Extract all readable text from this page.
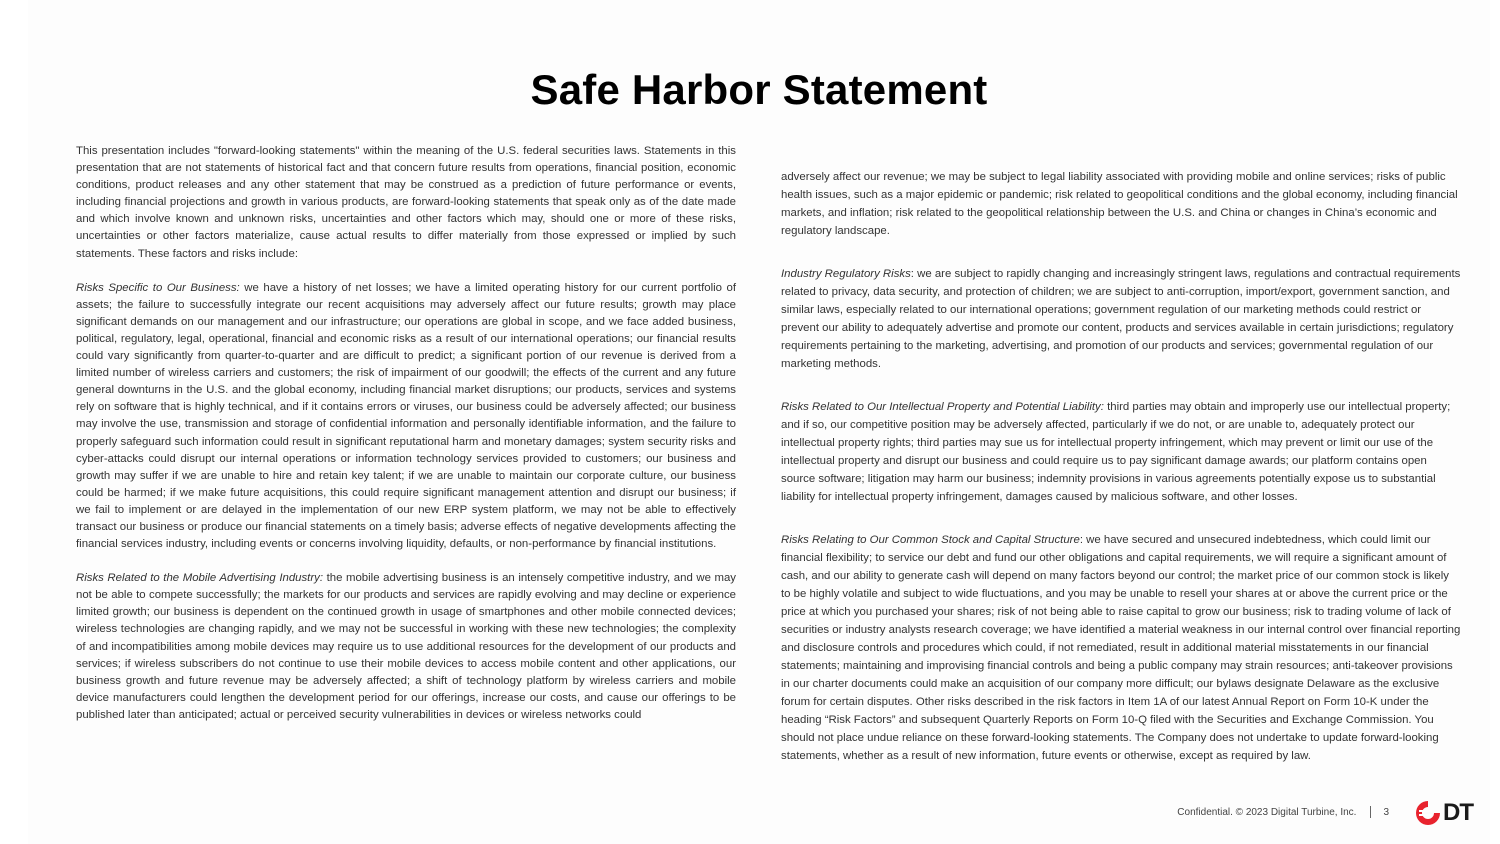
Safe Harbor Statement

This presentation includes "forward-looking statements" within the meaning of the U.S. federal securities laws. Statements in this presentation that are not statements of historical fact and that concern future results from operations, financial position, economic conditions, product releases and any other statement that may be construed as a prediction of future performance or events, including financial projections and growth in various products, are forward-looking statements that speak only as of the date made and which involve known and unknown risks, uncertainties and other factors which may, should one or more of these risks, uncertainties or other factors materialize, cause actual results to differ materially from those expressed or implied by such statements. These factors and risks include:

Risks Specific to Our Business: we have a history of net losses; we have a limited operating history for our current portfolio of assets; the failure to successfully integrate our recent acquisitions may adversely affect our future results; growth may place significant demands on our management and our infrastructure; our operations are global in scope, and we face added business, political, regulatory, legal, operational, financial and economic risks as a result of our international operations; our financial results could vary significantly from quarter-to-quarter and are difficult to predict; a significant portion of our revenue is derived from a limited number of wireless carriers and customers; the risk of impairment of our goodwill; the effects of the current and any future general downturns in the U.S. and the global economy, including financial market disruptions; our products, services and systems rely on software that is highly technical, and if it contains errors or viruses, our business could be adversely affected; our business may involve the use, transmission and storage of confidential information and personally identifiable information, and the failure to properly safeguard such information could result in significant reputational harm and monetary damages; system security risks and cyber-attacks could disrupt our internal operations or information technology services provided to customers; our business and growth may suffer if we are unable to hire and retain key talent; if we are unable to maintain our corporate culture, our business could be harmed; if we make future acquisitions, this could require significant management attention and disrupt our business; if we fail to implement or are delayed in the implementation of our new ERP system platform, we may not be able to effectively transact our business or produce our financial statements on a timely basis; adverse effects of negative developments affecting the financial services industry, including events or concerns involving liquidity, defaults, or non-performance by financial institutions.

Risks Related to the Mobile Advertising Industry: the mobile advertising business is an intensely competitive industry, and we may not be able to compete successfully; the markets for our products and services are rapidly evolving and may decline or experience limited growth; our business is dependent on the continued growth in usage of smartphones and other mobile connected devices; wireless technologies are changing rapidly, and we may not be successful in working with these new technologies; the complexity of and incompatibilities among mobile devices may require us to use additional resources for the development of our products and services; if wireless subscribers do not continue to use their mobile devices to access mobile content and other applications, our business growth and future revenue may be adversely affected; a shift of technology platform by wireless carriers and mobile device manufacturers could lengthen the development period for our offerings, increase our costs, and cause our offerings to be published later than anticipated; actual or perceived security vulnerabilities in devices or wireless networks could

adversely affect our revenue; we may be subject to legal liability associated with providing mobile and online services; risks of public health issues, such as a major epidemic or pandemic; risk related to geopolitical conditions and the global economy, including financial markets, and inflation; risk related to the geopolitical relationship between the U.S. and China or changes in China’s economic and regulatory landscape.

Industry Regulatory Risks: we are subject to rapidly changing and increasingly stringent laws, regulations and contractual requirements related to privacy, data security, and protection of children; we are subject to anti-corruption, import/export, government sanction, and similar laws, especially related to our international operations; government regulation of our marketing methods could restrict or prevent our ability to adequately advertise and promote our content, products and services available in certain jurisdictions; regulatory requirements pertaining to the marketing, advertising, and promotion of our products and services; governmental regulation of our marketing methods.

Risks Related to Our Intellectual Property and Potential Liability: third parties may obtain and improperly use our intellectual property; and if so, our competitive position may be adversely affected, particularly if we do not, or are unable to, adequately protect our intellectual property rights; third parties may sue us for intellectual property infringement, which may prevent or limit our use of the intellectual property and disrupt our business and could require us to pay significant damage awards; our platform contains open source software; litigation may harm our business; indemnity provisions in various agreements potentially expose us to substantial liability for intellectual property infringement, damages caused by malicious software, and other losses.

Risks Relating to Our Common Stock and Capital Structure: we have secured and unsecured indebtedness, which could limit our financial flexibility; to service our debt and fund our other obligations and capital requirements, we will require a significant amount of cash, and our ability to generate cash will depend on many factors beyond our control; the market price of our common stock is likely to be highly volatile and subject to wide fluctuations, and you may be unable to resell your shares at or above the current price or the price at which you purchased your shares; risk of not being able to raise capital to grow our business; risk to trading volume of lack of securities or industry analysts research coverage; we have identified a material weakness in our internal control over financial reporting and disclosure controls and procedures which could, if not remediated, result in additional material misstatements in our financial statements; maintaining and improvising financial controls and being a public company may strain resources; anti-takeover provisions in our charter documents could make an acquisition of our company more difficult; our bylaws designate Delaware as the exclusive forum for certain disputes. Other risks described in the risk factors in Item 1A of our latest Annual Report on Form 10-K under the heading “Risk Factors” and subsequent Quarterly Reports on Form 10-Q filed with the Securities and Exchange Commission. You should not place undue reliance on these forward-looking statements. The Company does not undertake to update forward-looking statements, whether as a result of new information, future events or otherwise, except as required by law.

Confidential. © 2023 Digital Turbine, Inc.	3 DT
